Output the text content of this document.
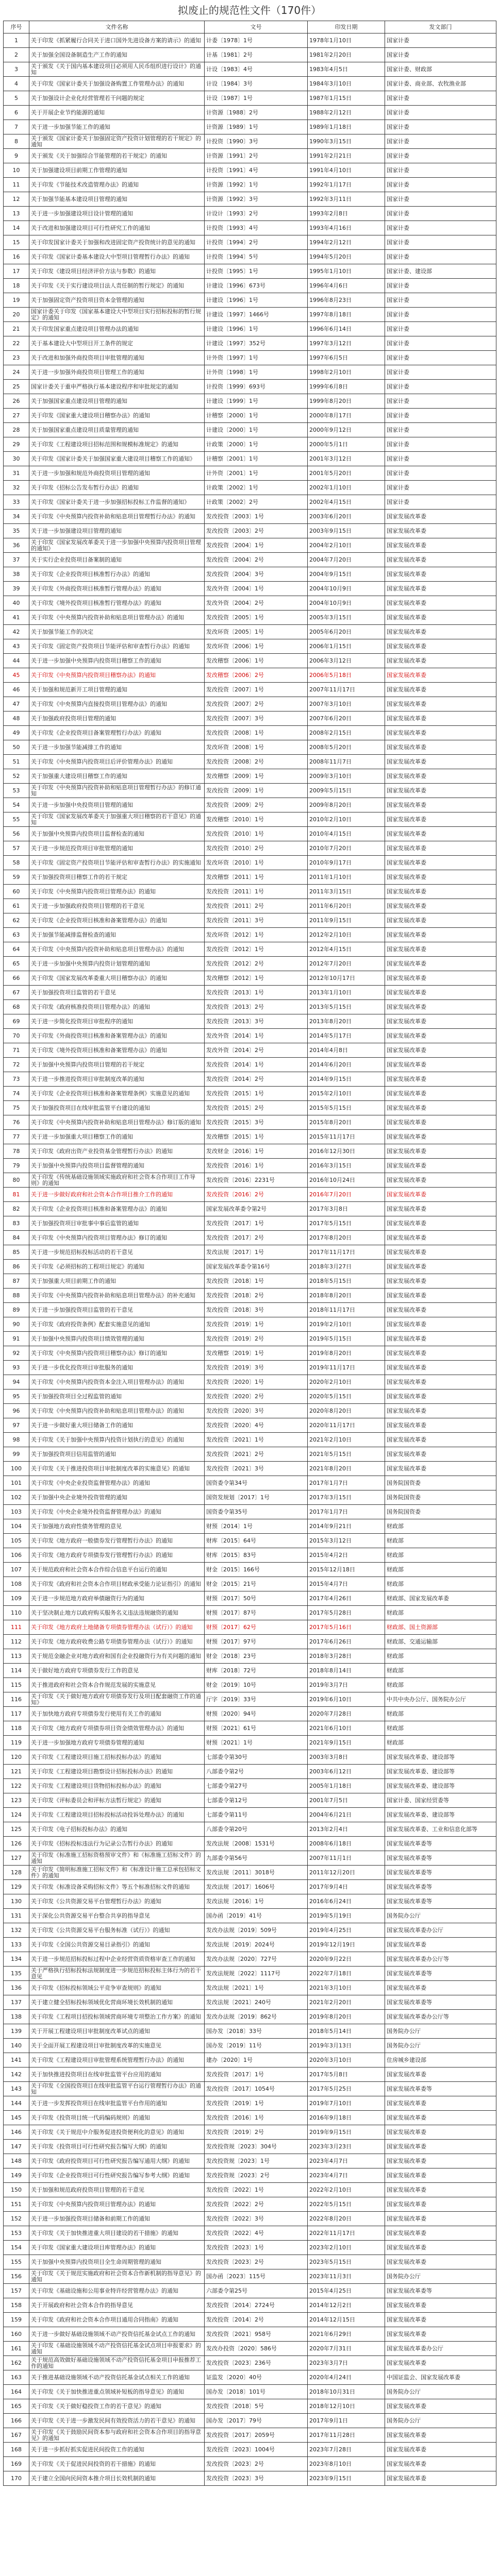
拟废止的规范性文件（170件）
序号	文件名称	文号	印发日期	发文部门
1	关于印发《抓紧履行合同关于进口国外先进设备方案的请示》的通知	计委〔1978〕1号	1978年1月10日	国家计委
2	关于加强全国设备制造生产工作的通知	计基〔1981〕2号	1981年2月20日	国家计委
3	关于颁发《关于国内基本建设项目必须用人民币组织进行设计》的通知	计设〔1983〕4号	1983年4月5日	国家计委、财政部
4	关于印发《国家计委关于加强设备购置工作管理办法》的通知	计设〔1984〕3号	1984年3月10日	国家计委、商业部、农牧渔业部
5	关于加强设计企业化经营管理若干问题的规定	计设〔1987〕1号	1987年1月15日	国家计委
6	关于开展企业节约能源的通知	计资源〔1988〕2号	1988年2月12日	国家计委
7	关于进一步加强节能工作的通知	计资源〔1989〕1号	1989年1月18日	国家计委
8	关于颁发《国家计委关于加强固定资产投资计划管理的若干规定》的通知	计投资〔1990〕3号	1990年3月15日	国家计委
9	关于颁发《关于加强综合节能管理的若干规定》的通知	计资源〔1991〕2号	1991年2月21日	国家计委
10	关于加强建设项目前期工作管理的通知	计投资〔1991〕4号	1991年4月10日	国家计委
11	关于印发《节能技术改造管理办法》的通知	计资源〔1992〕1号	1992年1月17日	国家计委
12	关于加强节能基本建设项目管理的通知	计资源〔1992〕3号	1992年3月11日	国家计委
13	关于进一步加强建设项目设计管理的通知	计设计〔1993〕2号	1993年2月8日	国家计委
14	关于改进和加强建设项目可行性研究工作的通知	计投资〔1993〕4号	1993年4月16日	国家计委
15	关于印发国家计委关于加强和改进固定资产投资统计的意见的通知	计投资〔1994〕2号	1994年2月12日	国家计委
16	关于印发《国家计委基本建设大中型项目管理暂行办法》的通知	计投资〔1994〕5号	1994年5月20日	国家计委
17	关于印发《建设项目经济评价方法与参数》的通知	计投资〔1995〕1号	1995年1月10日	国家计委、建设部
18	关于印发《关于实行建设项目法人责任制的暂行规定》的通知	计建设〔1996〕673号	1996年4月6日	国家计委
19	关于加强固定资产投资项目资本金管理的通知	计建设〔1996〕1号	1996年8月23日	国家计委
20	国家计委关于印发《国家基本建设大中型项目实行招标投标的暂行规定》的通知	计建设〔1997〕1466号	1997年8月18日	国家计委
21	关于印发国家重点建设项目管理办法的通知	计建设〔1996〕1号	1996年6月14日	国家计委
22	关于基本建设大中型项目开工条件的规定	计建设〔1997〕352号	1997年3月12日	国家计委
23	关于改进和加强外商投资项目审批管理的通知	计外资〔1997〕1号	1997年6月5日	国家计委
24	关于进一步加强外商投资项目管理工作的通知	计外资〔1998〕1号	1998年2月10日	国家计委
25	国家计委关于重申严格执行基本建设程序和审批规定的通知	计投资〔1999〕693号	1999年6月8日	国家计委
26	关于加强国家重点建设项目管理的通知	计建设〔1999〕1号	1999年8月20日	国家计委
27	关于印发《国家重大建设项目稽察办法》的通知	计稽察〔2000〕1号	2000年8月17日	国家计委
28	关于加强国家重点建设项目质量管理的通知	计建设〔2000〕1号	2000年9月12日	国家计委
29	关于印发《工程建设项目招标范围和规模标准规定》的通知	计政策〔2000〕1号	2000年5月1日	国家计委
30	关于印发《国家计委关于加强国家重大建设项目稽察工作的通知》	计稽察〔2001〕1号	2001年3月12日	国家计委
31	关于进一步加强和规范外商投资项目管理的通知	计外资〔2001〕1号	2001年5月20日	国家计委
32	关于印发《招标公告发布暂行办法》的通知	计政策〔2002〕1号	2002年1月10日	国家计委
33	关于印发《国家计委关于进一步加强招标投标工作监督的通知》	计政策〔2002〕2号	2002年4月15日	国家计委
34	关于印发《中央预算内投资补助和贴息项目管理暂行办法》的通知	发改投资〔2003〕1号	2003年6月20日	国家发展改革委
35	关于进一步加强建设项目管理的通知	发改投资〔2003〕2号	2003年9月15日	国家发展改革委
36	关于印发《国家发展改革委关于进一步加强中央预算内投资项目管理的通知》	发改投资〔2004〕1号	2004年2月10日	国家发展改革委
37	关于实行企业投资项目备案制的通知	发改投资〔2004〕2号	2004年7月20日	国家发展改革委
38	关于印发《企业投资项目核准暂行办法》的通知	发改投资〔2004〕3号	2004年9月15日	国家发展改革委
39	关于印发《外商投资项目核准暂行管理办法》的通知	发改外资〔2004〕1号	2004年10月9日	国家发展改革委
40	关于印发《境外投资项目核准暂行管理办法》的通知	发改外资〔2004〕2号	2004年10月9日	国家发展改革委
41	关于印发《中央预算内投资补助和贴息项目管理办法》的通知	发改投资〔2005〕1号	2005年3月15日	国家发展改革委
42	关于加强节能工作的决定	发改环资〔2005〕1号	2005年6月20日	国家发展改革委
43	关于印发《固定资产投资项目节能评估和审查暂行办法》的通知	发改环资〔2006〕1号	2006年1月15日	国家发展改革委
44	关于进一步加强中央预算内投资项目稽察工作的通知	发改稽察〔2006〕1号	2006年3月12日	国家发展改革委
45	关于印发《中央预算内投资项目稽察办法》的通知	发改稽察〔2006〕2号	2006年5月18日	国家发展改革委
46	关于加强和规范新开工项目管理的通知	发改投资〔2007〕1号	2007年11月17日	国家发展改革委
47	关于印发《中央预算内直接投资项目管理办法》的通知	发改投资〔2007〕2号	2007年3月10日	国家发展改革委
48	关于加强政府投资项目管理的通知	发改投资〔2007〕3号	2007年6月20日	国家发展改革委
49	关于印发《企业投资项目备案管理暂行办法》的通知	发改投资〔2008〕1号	2008年2月15日	国家发展改革委
50	关于进一步加强节能减排工作的通知	发改环资〔2008〕1号	2008年5月20日	国家发展改革委
51	关于印发《中央预算内投资项目后评价管理办法》的通知	发改投资〔2008〕2号	2008年11月7日	国家发展改革委
52	关于加强重大建设项目稽察工作的通知	发改稽察〔2009〕1号	2009年3月10日	国家发展改革委
53	关于印发《中央预算内投资补助和贴息项目管理暂行办法》的修订通知	发改投资〔2009〕1号	2009年5月15日	国家发展改革委
54	关于进一步加强中央投资项目管理的通知	发改投资〔2009〕2号	2009年8月20日	国家发展改革委
55	关于印发《国家发展改革委关于加强重大项目稽察的若干意见》的通知	发改稽察〔2010〕1号	2010年2月10日	国家发展改革委
56	关于加强中央预算内投资项目监督检查的通知	发改投资〔2010〕1号	2010年4月15日	国家发展改革委
57	关于进一步规范投资项目审批管理的通知	发改投资〔2010〕2号	2010年7月20日	国家发展改革委
58	关于印发《固定资产投资项目节能评估和审查暂行办法》的实施通知	发改环资〔2010〕1号	2010年9月17日	国家发展改革委
59	关于加强投资项目稽察工作的若干规定	发改稽察〔2011〕1号	2011年1月10日	国家发展改革委
60	关于印发《中央预算内投资项目管理办法》的通知	发改投资〔2011〕1号	2011年3月15日	国家发展改革委
61	关于进一步加强政府投资项目管理的若干意见	发改投资〔2011〕2号	2011年6月20日	国家发展改革委
62	关于印发《企业投资项目核准和备案管理办法》的通知	发改投资〔2011〕3号	2011年9月15日	国家发展改革委
63	关于加强节能减排监督检查的通知	发改环资〔2012〕1号	2012年2月10日	国家发展改革委
64	关于印发《中央预算内投资补助和贴息项目管理办法》的通知	发改投资〔2012〕1号	2012年4月15日	国家发展改革委
65	关于进一步加强中央预算内投资计划管理的通知	发改投资〔2012〕2号	2012年7月20日	国家发展改革委
66	关于印发《国家发展改革委重大项目稽察办法》的通知	发改稽察〔2012〕1号	2012年10月17日	国家发展改革委
67	关于加强投资项目监管的若干意见	发改投资〔2013〕1号	2013年1月10日	国家发展改革委
68	关于印发《政府核准投资项目管理办法》的通知	发改投资〔2013〕2号	2013年5月15日	国家发展改革委
69	关于进一步简化投资项目审批程序的通知	发改投资〔2013〕3号	2013年8月20日	国家发展改革委
70	关于印发《外商投资项目核准和备案管理办法》的通知	发改外资〔2014〕1号	2014年5月17日	国家发展改革委
71	关于印发《境外投资项目核准和备案管理办法》的通知	发改外资〔2014〕2号	2014年4月8日	国家发展改革委
72	关于加强中央预算内投资项目管理的若干规定	发改投资〔2014〕1号	2014年6月20日	国家发展改革委
73	关于进一步推进投资项目审批制度改革的通知	发改投资〔2014〕2号	2014年9月15日	国家发展改革委
74	关于印发《企业投资项目核准和备案管理条例》实施意见的通知	发改投资〔2015〕1号	2015年2月10日	国家发展改革委
75	关于加强投资项目在线审批监管平台建设的通知	发改投资〔2015〕2号	2015年5月15日	国家发展改革委
76	关于印发《中央预算内投资补助和贴息项目管理办法》修订版的通知	发改投资〔2015〕3号	2015年8月20日	国家发展改革委
77	关于进一步加强重大项目稽察工作的通知	发改稽察〔2015〕1号	2015年11月17日	国家发展改革委
78	关于印发《政府出资产业投资基金管理暂行办法》的通知	发改财金〔2016〕1号	2016年12月30日	国家发展改革委
79	关于加强中央预算内投资项目监督管理的通知	发改投资〔2016〕1号	2016年3月15日	国家发展改革委
80	关于印发《传统基础设施领域实施政府和社会资本合作项目工作导则》的通知	发改投资〔2016〕2231号	2016年10月24日	国家发展改革委
81	关于进一步做好政府和社会资本合作项目推介工作的通知	发改投资〔2016〕2号	2016年7月20日	国家发展改革委
82	关于印发《企业投资项目核准和备案管理办法》的通知	国家发展改革委令第2号	2017年3月8日	国家发展改革委
83	关于加强投资项目审批事中事后监管的通知	发改投资〔2017〕1号	2017年5月15日	国家发展改革委
84	关于印发《中央预算内投资项目管理办法》修订的通知	发改投资〔2017〕2号	2017年8月20日	国家发展改革委
85	关于进一步规范招标投标活动的若干意见	发改法规〔2017〕1号	2017年11月17日	国家发展改革委
86	关于印发《必须招标的工程项目规定》的通知	国家发展改革委令第16号	2018年3月27日	国家发展改革委
87	关于加强重大项目前期工作的通知	发改投资〔2018〕1号	2018年5月15日	国家发展改革委
88	关于印发《中央预算内投资补助和贴息项目管理办法》的补充通知	发改投资〔2018〕2号	2018年8月20日	国家发展改革委
89	关于进一步加强投资项目监管的若干意见	发改投资〔2018〕3号	2018年11月17日	国家发展改革委
90	关于印发《政府投资条例》配套实施意见的通知	发改投资〔2019〕1号	2019年2月10日	国家发展改革委
91	关于加强中央预算内投资项目绩效管理的通知	发改投资〔2019〕2号	2019年5月15日	国家发展改革委
92	关于印发《中央预算内投资项目稽察办法》修订的通知	发改稽察〔2019〕1号	2019年8月20日	国家发展改革委
93	关于进一步优化投资项目审批服务的通知	发改投资〔2019〕3号	2019年11月17日	国家发展改革委
94	关于印发《中央预算内投资资本金注入项目管理办法》的通知	发改投资〔2020〕1号	2020年2月10日	国家发展改革委
95	关于加强投资项目全过程监管的通知	发改投资〔2020〕2号	2020年5月15日	国家发展改革委
96	关于印发《中央预算内投资补助和贴息项目管理办法》的通知	发改投资〔2020〕3号	2020年8月20日	国家发展改革委
97	关于进一步做好重大项目储备工作的通知	发改投资〔2020〕4号	2020年11月17日	国家发展改革委
98	关于印发《关于加强中央预算内投资计划执行的意见》的通知	发改投资〔2021〕1号	2021年2月10日	国家发展改革委
99	关于加强投资项目信用监管的通知	发改投资〔2021〕2号	2021年5月15日	国家发展改革委
100	关于印发《关于推进投资项目审批制度改革的实施意见》的通知	发改投资〔2021〕3号	2021年8月20日	国家发展改革委
101	关于印发《中央企业投资监督管理办法》的通知	国资委令第34号	2017年1月7日	国务院国资委
102	关于加强中央企业境外投资管理的通知	国资发规划〔2017〕1号	2017年3月15日	国务院国资委
103	关于印发《中央企业境外投资监督管理办法》的通知	国资委令第35号	2017年1月7日	国务院国资委
104	关于加强地方政府性债务管理的意见	财预〔2014〕1号	2014年9月21日	财政部
105	关于印发《地方政府一般债券发行管理暂行办法》的通知	财库〔2015〕64号	2015年3月12日	财政部
106	关于印发《地方政府专项债券发行管理暂行办法》的通知	财库〔2015〕83号	2015年4月2日	财政部
107	关于规范政府和社会资本合作综合信息平台运行的通知	财金〔2015〕166号	2015年12月18日	财政部
108	关于印发《政府和社会资本合作项目财政承受能力论证指引》的通知	财金〔2015〕21号	2015年4月7日	财政部
109	关于进一步规范地方政府举债融资行为的通知	财预〔2017〕50号	2017年4月26日	财政部、国家发展改革委
110	关于坚决制止地方以政府购买服务名义违法违规融资的通知	财预〔2017〕87号	2017年5月28日	财政部
111	关于印发《地方政府土地储备专项债券管理办法（试行）》的通知	财预〔2017〕62号	2017年5月16日	财政部、国土资源部
112	关于印发《地方政府收费公路专项债券管理办法（试行）》的通知	财预〔2017〕97号	2017年6月26日	财政部、交通运输部
113	关于规范金融企业对地方政府和国有企业投融资行为有关问题的通知	财金〔2018〕23号	2018年3月28日	财政部
114	关于做好地方政府专项债券发行工作的意见	财库〔2018〕72号	2018年8月14日	财政部
115	关于推进政府和社会资本合作规范发展的实施意见	财金〔2019〕10号	2019年3月7日	财政部
116	关于印发《关于做好地方政府专项债券发行及项目配套融资工作的通知》	厅字〔2019〕33号	2019年6月10日	中共中央办公厅、国务院办公厅
117	关于加快地方政府专项债券发行使用有关工作的通知	财预〔2020〕94号	2020年7月28日	财政部
118	关于印发《地方政府专项债券项目资金绩效管理办法》的通知	财预〔2021〕61号	2021年6月10日	财政部
119	关于进一步加强地方政府专项债券管理的通知	财预〔2021〕1号	2021年9月15日	财政部
120	关于印发《工程建设项目施工招标投标办法》的通知	七部委令第30号	2003年3月8日	国家发展改革委、建设部等
121	关于印发《工程建设项目勘察设计招标投标办法》的通知	八部委令第2号	2003年6月12日	国家发展改革委、建设部等
122	关于印发《工程建设项目货物招标投标办法》的通知	七部委令第27号	2005年1月18日	国家发展改革委、建设部等
123	关于印发《评标委员会和评标方法暂行规定》的通知	七部委令第12号	2001年7月5日	国家计委、国家经贸委等
124	关于印发《工程建设项目招标投标活动投诉处理办法》的通知	七部委令第11号	2004年6月21日	国家发展改革委、建设部等
125	关于印发《电子招标投标办法》的通知	八部委令第20号	2013年2月4日	国家发展改革委、工业和信息化部等
126	关于印发《招标投标违法行为记录公告暂行办法》的通知	发改法规〔2008〕1531号	2008年6月18日	国家发展改革委等
127	关于印发《标准施工招标资格预审文件》和《标准施工招标文件》的通知	九部委令第56号	2007年11月1日	国家发展改革委等
128	关于印发《简明标准施工招标文件》和《标准设计施工总承包招标文件》的通知	发改法规〔2011〕3018号	2011年12月20日	国家发展改革委等
129	关于印发《标准设备采购招标文件》等五个标准招标文件的通知	发改法规〔2017〕1606号	2017年9月4日	国家发展改革委等
130	关于印发《公共资源交易平台管理暂行办法》的通知	发改法规〔2016〕1号	2016年6月24日	国家发展改革委等
131	关于深化公共资源交易平台整合共享的指导意见	国办函〔2019〕41号	2019年5月19日	国务院办公厅
132	关于印发《公共资源交易平台服务标准（试行）》的通知	发改办法规〔2019〕509号	2019年4月25日	国家发展改革委办公厅
133	关于印发《全国公共资源交易目录指引》的通知	发改法规〔2019〕2024号	2019年12月19日	国家发展改革委
134	关于进一步规范招标投标过程中企业经营资质资格审查工作的通知	发改办法规〔2020〕727号	2020年9月22日	国家发展改革委办公厅等
135	关于严格执行招标投标法规制度进一步规范招标投标主体行为的若干意见	发改法规规〔2022〕1117号	2022年7月18日	国家发展改革委等
136	关于印发《招标投标领域公平竞争审查规则》的通知	发改法规〔2021〕1号	2021年3月10日	国家发展改革委
137	关于建立健全招标投标领域优化营商环境长效机制的通知	发改法规〔2021〕240号	2021年2月20日	国家发展改革委等
138	关于印发《工程项目招投标领域营商环境专项整治工作方案》的通知	发改办法规〔2019〕862号	2019年8月20日	国家发展改革委办公厅等
139	关于开展工程建设项目审批制度改革试点的通知	国办发〔2018〕33号	2018年5月14日	国务院办公厅
140	关于全面开展工程建设项目审批制度改革的实施意见	国办发〔2019〕11号	2019年3月13日	国务院办公厅
141	关于印发《工程建设项目审批管理系统管理暂行办法》的通知	建办〔2020〕1号	2020年3月10日	住房城乡建设部
142	关于加快推进投资项目在线审批监管平台应用的通知	发改投资〔2017〕1号	2017年5月8日	国家发展改革委
143	关于印发《全国投资项目在线审批监管平台运行管理暂行办法》的通知	发改投资〔2017〕1054号	2017年5月25日	国家发展改革委等
144	关于进一步发挥投资项目在线审批监管平台作用的通知	发改投资〔2019〕1号	2019年7月10日	国家发展改革委
145	关于印发《投资项目统一代码编码规则》的通知	发改投资〔2016〕1号	2016年9月18日	国家发展改革委
146	关于印发《关于规范中介服务促进投资便利化的意见》的通知	发改投资〔2019〕2号	2019年9月15日	国家发展改革委
147	关于印发《投资项目可行性研究报告编写大纲》的通知	发改投资规〔2023〕304号	2023年3月23日	国家发展改革委
148	关于印发《政府投资项目可行性研究报告编写通用大纲》的通知	发改投资规〔2023〕1号	2023年4月7日	国家发展改革委
149	关于印发《企业投资项目可行性研究报告编写参考大纲》的通知	发改投资规〔2023〕2号	2023年4月7日	国家发展改革委
150	关于加强和规范政府投资项目管理的若干意见	发改投资〔2022〕1号	2022年2月10日	国家发展改革委
151	关于印发《中央预算内投资项目管理办法》的通知	发改投资〔2022〕2号	2022年5月15日	国家发展改革委
152	关于进一步加强投资项目储备和前期工作的通知	发改投资〔2022〕3号	2022年8月20日	国家发展改革委
153	关于印发《关于加快推进重大项目建设的若干措施》的通知	发改投资〔2022〕4号	2022年11月17日	国家发展改革委
154	关于印发《国家重大建设项目库管理办法》的通知	发改投资〔2023〕1号	2023年2月10日	国家发展改革委
155	关于加强中央预算内投资项目全生命周期管理的通知	发改投资〔2023〕2号	2023年5月15日	国家发展改革委
156	关于印发《关于规范实施政府和社会资本合作新机制的指导意见》的通知	国办函〔2023〕115号	2023年11月3日	国务院办公厅
157	关于印发《基础设施和公用事业特许经营管理办法》的通知	六部委令第25号	2015年4月25日	国家发展改革委等
158	关于开展政府和社会资本合作的指导意见	发改投资〔2014〕2724号	2014年12月2日	国家发展改革委
159	关于印发《政府和社会资本合作项目通用合同指南》的通知	发改投资〔2014〕2号	2014年12月15日	国家发展改革委
160	关于进一步做好基础设施领域不动产投资信托基金试点工作的通知	发改投资〔2021〕958号	2021年6月29日	国家发展改革委
161	关于印发《基础设施领域不动产投资信托基金试点项目申报要求》的通知	发改办投资〔2020〕586号	2020年7月31日	国家发展改革委办公厅
162	关于规范高效做好基础设施领域不动产投资信托基金项目申报推荐工作的通知	发改投资〔2023〕236号	2023年3月7日	国家发展改革委
163	关于推进基础设施领域不动产投资信托基金试点相关工作的通知	证监发〔2020〕40号	2020年4月24日	中国证监会、国家发展改革委
164	关于印发《关于加快推进重点领域补短板的指导意见》的通知	国办发〔2018〕101号	2018年10月31日	国务院办公厅
165	关于印发《关于做好稳投资工作的若干意见》的通知	发改投资〔2018〕5号	2018年12月10日	国家发展改革委
166	关于印发《关于进一步激发民间有效投资活力的若干意见》的通知	国办发〔2017〕79号	2017年9月1日	国务院办公厅
167	关于印发《关于鼓励民间资本参与政府和社会资本合作项目的指导意见》的通知	发改投资〔2017〕2059号	2017年11月28日	国家发展改革委
168	关于进一步抓好抓实促进民间投资工作的通知	发改投资〔2023〕1004号	2023年7月28日	国家发展改革委
169	关于印发《关于促进民间投资的若干措施》的通知	发改投资〔2023〕2号	2023年8月10日	国家发展改革委
170	关于建立全国向民间资本推介项目长效机制的通知	发改投资〔2023〕3号	2023年9月15日	国家发展改革委
